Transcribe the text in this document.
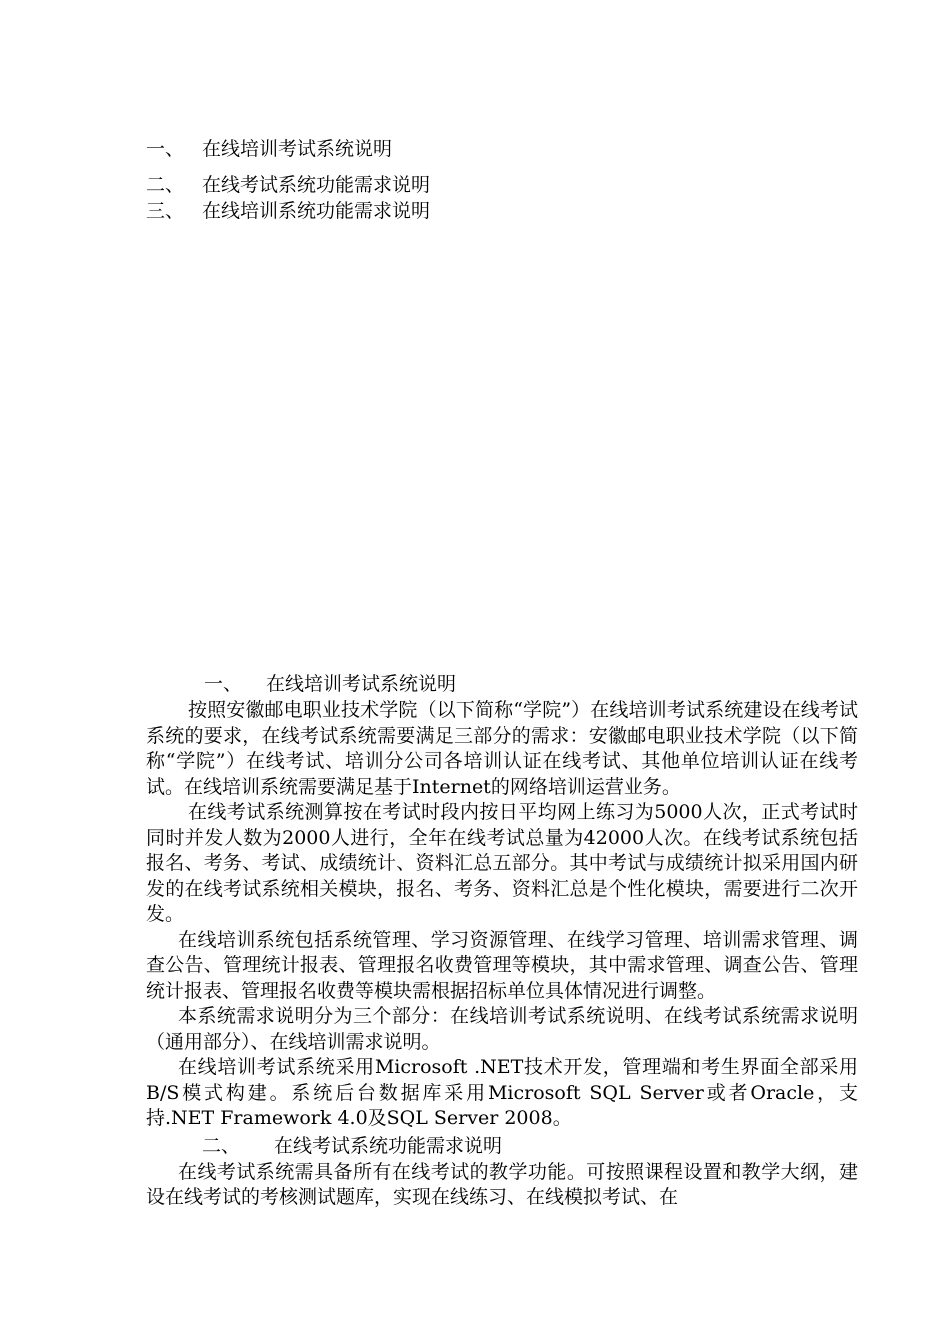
一、 在线培训考试系统说明
二、 在线考试系统功能需求说明
三、 在线培训系统功能需求说明
一、 在线培训考试系统说明

按照安徽邮电职业技术学院（以下简称“学院”）在线培训考试系统建设在线考试系统的要求，在线考试系统需要满足三部分的需求：安徽邮电职业技术学院（以下简称“学院”）在线考试、培训分公司各培训认证在线考试、其他单位培训认证在线考试。在线培训系统需要满足基于Internet的网络培训运营业务。

在线考试系统测算按在考试时段内按日平均网上练习为5000人次，正式考试时同时并发人数为2000人进行，全年在线考试总量为42000人次。在线考试系统包括报名、考务、考试、成绩统计、资料汇总五部分。其中考试与成绩统计拟采用国内研发的在线考试系统相关模块，报名、考务、资料汇总是个性化模块，需要进行二次开发。

在线培训系统包括系统管理、学习资源管理、在线学习管理、培训需求管理、调查公告、管理统计报表、管理报名收费管理等模块，其中需求管理、调查公告、管理统计报表、管理报名收费等模块需根据招标单位具体情况进行调整。

本系统需求说明分为三个部分：在线培训考试系统说明、在线考试系统需求说明（通用部分）、在线培训需求说明。

在线培训考试系统采用Microsoft .NET技术开发，管理端和考生界面全部采用B/S模式构建。系统后台数据库采用Microsoft SQL Server或者Oracle，支持.NET Framework 4.0及SQL Server 2008。

二、 在线考试系统功能需求说明

在线考试系统需具备所有在线考试的教学功能。可按照课程设置和教学大纲，建设在线考试的考核测试题库，实现在线练习、在线模拟考试、在
